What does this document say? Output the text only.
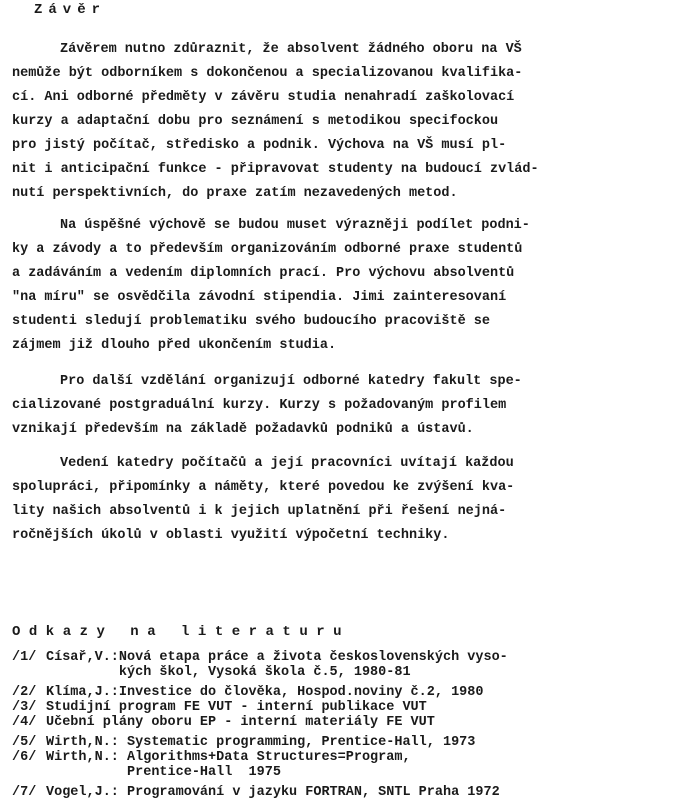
Závěr
Závěrem nutno zdůraznit, že absolvent žádného oboru na VŠ
nemůže být odborníkem s dokončenou a specializovanou kvalifika-
cí. Ani odborné předměty v závěru studia nenahradí zaškolovací
kurzy a adaptační dobu pro seznámení s metodikou specifockou
pro jistý počítač, středisko a podnik. Výchova na VŠ musí pl-
nit i anticipační funkce - připravovat studenty na budoucí zvlád-
nutí perspektivních, do praxe zatím nezavedených metod.
Na úspěšné výchově se budou muset výrazněji podílet podni-
ky a závody a to především organizováním odborné praxe studentů
a zadáváním a vedením diplomních prací. Pro výchovu absolventů
"na míru" se osvědčila závodní stipendia. Jimi zainteresovaní
studenti sledují problematiku svého budoucího pracoviště se
zájmem již dlouho před ukončením studia.
Pro další vzdělání organizují odborné katedry fakult spe-
cializované postgraduální kurzy. Kurzy s požadovaným profilem
vznikají především na základě požadavků podniků a ústavů.
Vedení katedry počítačů a její pracovníci uvítají každou
spolupráci, připomínky a náměty, které povedou ke zvýšení kva-
lity našich absolventů i k jejich uplatnění při řešení nejná-
ročnějších úkolů v oblasti využití výpočetní techniky.
Odkazy na literaturu
/1/ Císař,V.:Nová etapa práce a života československých vyso-
kých škol, Vysoká škola č.5, 1980-81
/2/ Klíma,J.:Investice do člověka, Hospod.noviny č.2, 1980
/3/ Studijní program FE VUT - interní publikace VUT
/4/ Učební plány oboru EP - interní materiály FE VUT
/5/ Wirth,N.: Systematic programming, Prentice-Hall, 1973
/6/ Wirth,N.: Algorithms+Data Structures=Program,
Prentice-Hall  1975
/7/ Vogel,J.: Programování v jazyku FORTRAN, SNTL Praha 1972
